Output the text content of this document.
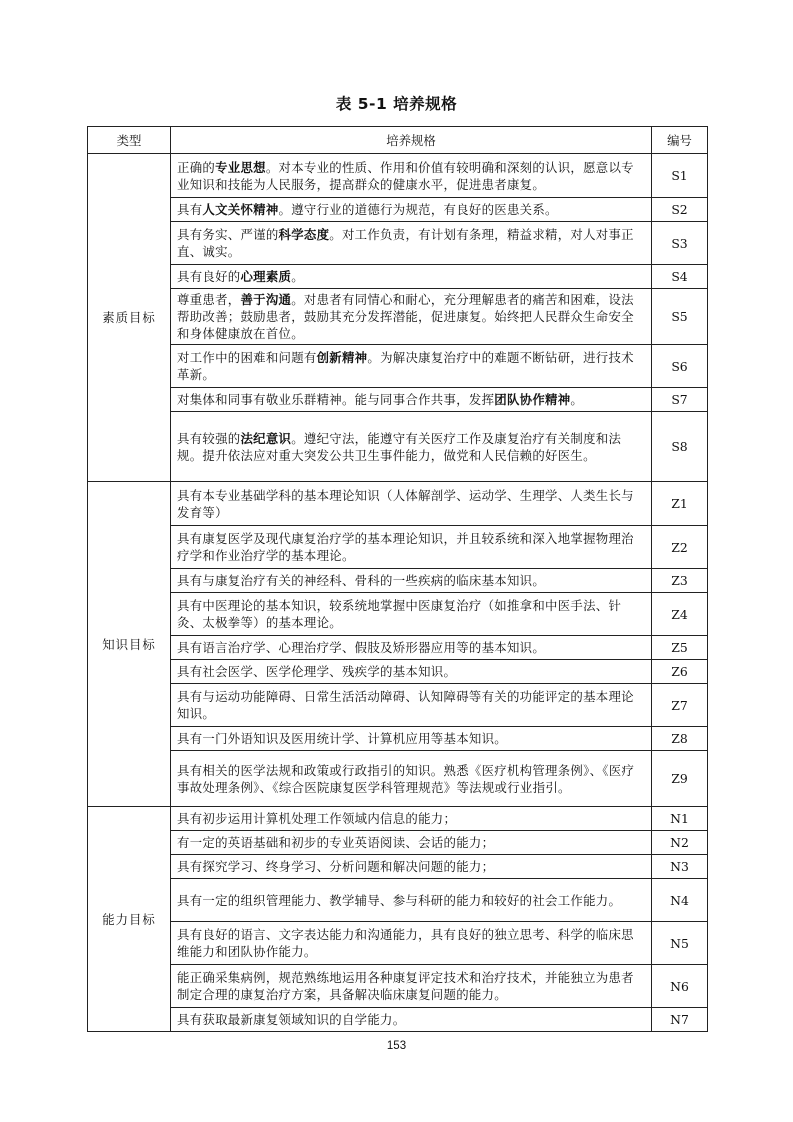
表 5-1 培养规格
类型	培养规格	编号
素质目标	正确的专业思想。对本专业的性质、作用和价值有较明确和深刻的认识，愿意以专业知识和技能为人民服务，提高群众的健康水平，促进患者康复。	S1
	具有人文关怀精神。遵守行业的道德行为规范，有良好的医患关系。	S2
	具有务实、严谨的科学态度。对工作负责，有计划有条理，精益求精，对人对事正直、诚实。	S3
	具有良好的心理素质。	S4
	尊重患者，善于沟通。对患者有同情心和耐心，充分理解患者的痛苦和困难，设法帮助改善；鼓励患者，鼓励其充分发挥潜能，促进康复。始终把人民群众生命安全和身体健康放在首位。	S5
	对工作中的困难和问题有创新精神。为解决康复治疗中的难题不断钻研，进行技术革新。	S6
	对集体和同事有敬业乐群精神。能与同事合作共事，发挥团队协作精神。	S7
	具有较强的法纪意识。遵纪守法，能遵守有关医疗工作及康复治疗有关制度和法规。提升依法应对重大突发公共卫生事件能力，做党和人民信赖的好医生。	S8
知识目标	具有本专业基础学科的基本理论知识（人体解剖学、运动学、生理学、人类生长与发育等）	Z1
	具有康复医学及现代康复治疗学的基本理论知识，并且较系统和深入地掌握物理治疗学和作业治疗学的基本理论。	Z2
	具有与康复治疗有关的神经科、骨科的一些疾病的临床基本知识。	Z3
	具有中医理论的基本知识，较系统地掌握中医康复治疗（如推拿和中医手法、针灸、太极拳等）的基本理论。	Z4
	具有语言治疗学、心理治疗学、假肢及矫形器应用等的基本知识。	Z5
	具有社会医学、医学伦理学、残疾学的基本知识。	Z6
	具有与运动功能障碍、日常生活活动障碍、认知障碍等有关的功能评定的基本理论知识。	Z7
	具有一门外语知识及医用统计学、计算机应用等基本知识。	Z8
	具有相关的医学法规和政策或行政指引的知识。熟悉《医疗机构管理条例》、《医疗事故处理条例》、《综合医院康复医学科管理规范》等法规或行业指引。	Z9
能力目标	具有初步运用计算机处理工作领域内信息的能力；	N1
	有一定的英语基础和初步的专业英语阅读、会话的能力；	N2
	具有探究学习、终身学习、分析问题和解决问题的能力；	N3
	具有一定的组织管理能力、教学辅导、参与科研的能力和较好的社会工作能力。	N4
	具有良好的语言、文字表达能力和沟通能力，具有良好的独立思考、科学的临床思维能力和团队协作能力。	N5
	能正确采集病例，规范熟练地运用各种康复评定技术和治疗技术，并能独立为患者制定合理的康复治疗方案，具备解决临床康复问题的能力。	N6
	具有获取最新康复领域知识的自学能力。	N7
153
